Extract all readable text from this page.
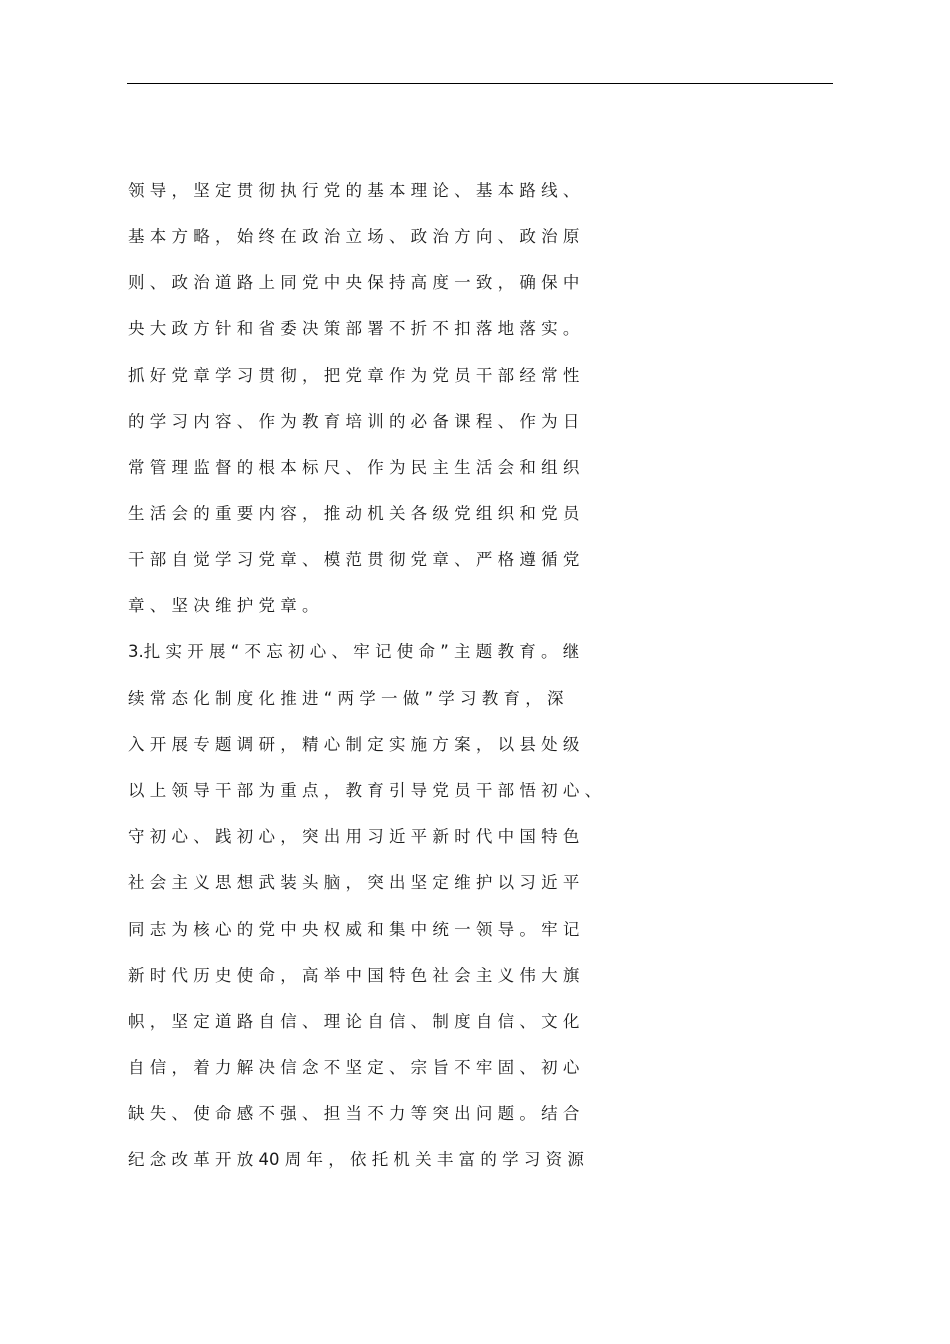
领 导 ， 坚 定 贯 彻 执 行 党 的 基 本 理 论 、 基 本 路 线 、
基 本 方 略 ， 始 终 在 政 治 立 场 、 政 治 方 向 、 政 治 原
则 、 政 治 道 路 上 同 党 中 央 保 持 高 度 一 致 ， 确 保 中
央 大 政 方 针 和 省 委 决 策 部 署 不 折 不 扣 落 地 落 实 。
抓 好 党 章 学 习 贯 彻 ， 把 党 章 作 为 党 员 干 部 经 常 性
的 学 习 内 容 、 作 为 教 育 培 训 的 必 备 课 程 、 作 为 日
常 管 理 监 督 的 根 本 标 尺 、 作 为 民 主 生 活 会 和 组 织
生 活 会 的 重 要 内 容 ， 推 动 机 关 各 级 党 组 织 和 党 员
干 部 自 觉 学 习 党 章 、 模 范 贯 彻 党 章 、 严 格 遵 循 党
章 、 坚 决 维 护 党 章 。
3.扎 实 开 展 “ 不 忘 初 心 、 牢 记 使 命 ” 主 题 教 育 。 继
续 常 态 化 制 度 化 推 进 “ 两 学 一 做 ” 学 习 教 育 ， 深
入 开 展 专 题 调 研 ， 精 心 制 定 实 施 方 案 ， 以 县 处 级
以 上 领 导 干 部 为 重 点 ， 教 育 引 导 党 员 干 部 悟 初 心 、
守 初 心 、 践 初 心 ， 突 出 用 习 近 平 新 时 代 中 国 特 色
社 会 主 义 思 想 武 装 头 脑 ， 突 出 坚 定 维 护 以 习 近 平
同 志 为 核 心 的 党 中 央 权 威 和 集 中 统 一 领 导 。 牢 记
新 时 代 历 史 使 命 ， 高 举 中 国 特 色 社 会 主 义 伟 大 旗
帜 ， 坚 定 道 路 自 信 、 理 论 自 信 、 制 度 自 信 、 文 化
自 信 ， 着 力 解 决 信 念 不 坚 定 、 宗 旨 不 牢 固 、 初 心
缺 失 、 使 命 感 不 强 、 担 当 不 力 等 突 出 问 题 。 结 合
纪 念 改 革 开 放 40 周 年 ， 依 托 机 关 丰 富 的 学 习 资 源
